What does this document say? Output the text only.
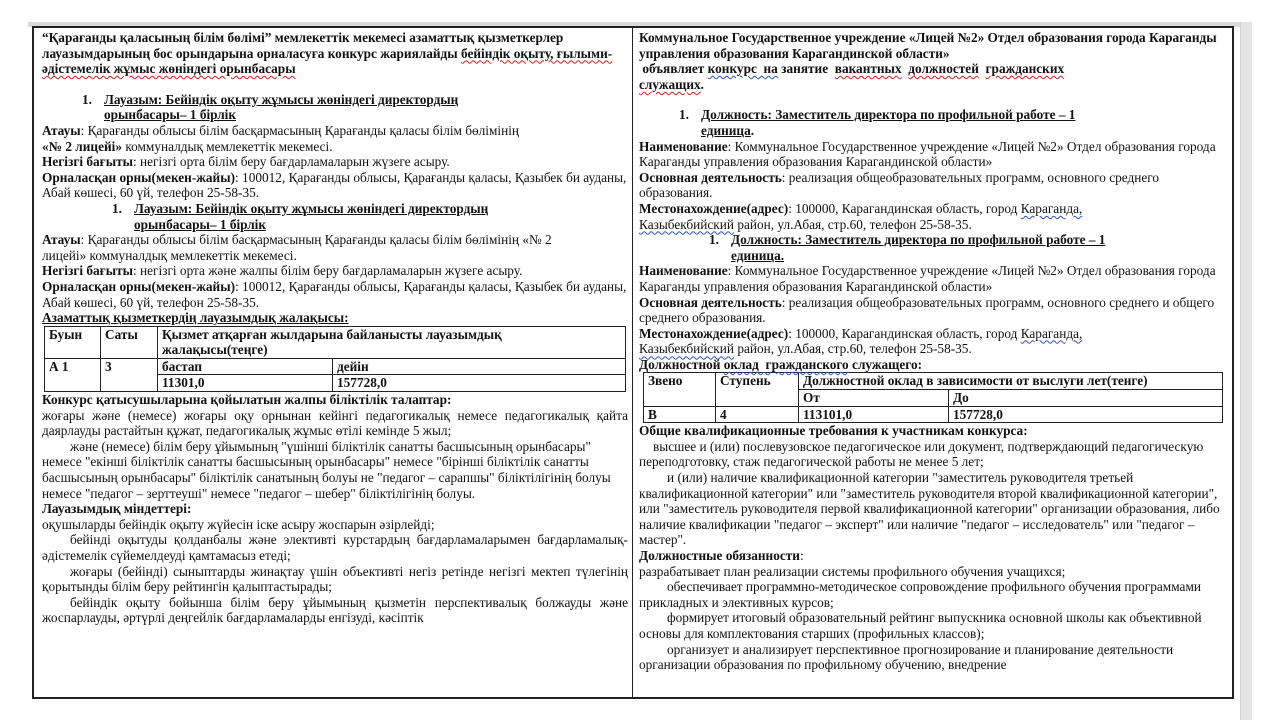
“Қарағанды қаласының білім бөлімі” мемлекеттік мекемесі азаматтық қызметкерлер лауазымдарының бос орындарына орналасуға конкурс жариялайды бейіндік оқыту, ғылыми-әдістемелік жұмыс жөніндегі орынбасары

1. Лауазым: Бейіндік оқыту жұмысы жөніндегі директордың
орынбасары– 1 бірлік

Атауы: Қарағанды облысы білім басқармасының Қарағанды қаласы білім бөлімінің
«№ 2 лицейі» коммуналдық мемлекеттік мекемесі.

Негізгі бағыты: негізгі орта білім беру бағдарламаларын жүзеге асыру.

Орналасқан орны(мекен-жайы): 100012, Қарағанды облысы, Қарағанды қаласы, Қазыбек би ауданы, Абай көшесі, 60 үй, телефон 25-58-35.

1. Лауазым: Бейіндік оқыту жұмысы жөніндегі директордың
орынбасары– 1 бірлік

Атауы: Қарағанды облысы білім басқармасының Қарағанды қаласы білім бөлімінің «№ 2 лицейі» коммуналдық мемлекеттік мекемесі.

Негізгі бағыты: негізгі орта және жалпы білім беру бағдарламаларын жүзеге асыру.

Орналасқан орны(мекен-жайы): 100012, Қарағанды облысы, Қарағанды қаласы, Қазыбек би ауданы, Абай көшесі, 60 үй, телефон 25-58-35.

Азаматтық қызметкердің лауазымдық жалақысы:

Буын	Саты	Қызмет атқарған жылдарына байланысты лауазымдық жалақысы(теңге)	
А 1	3	бастап	дейін
		11301,0	157728,0

Конкурс қатысушыларына қойылатын жалпы біліктілік талаптар:

жоғары және (немесе) жоғары оқу орнынан кейінгі педагогикалық немесе педагогикалық қайта даярлауды растайтын құжат, педагогикалық жұмыс өтілі кемінде 5 жыл;

және (немесе) білім беру ұйымының "үшінші біліктілік санатты басшысының орынбасары" немесе "екінші біліктілік санатты басшысының орынбасары" немесе "бірінші біліктілік санатты басшысының орынбасары" біліктілік санатының болуы не "педагог – сарапшы" біліктілігінің болуы немесе "педагог – зерттеуші" немесе "педагог – шебер" біліктілігінің болуы.

Лауазымдық міндеттері:

оқушыларды бейіндік оқыту жүйесін іске асыру жоспарын әзірлейді;

бейінді оқытуды қолданбалы және элективті курстардың бағдарламаларымен бағдарламалық-әдістемелік сүйемелдеуді қамтамасыз етеді;

жоғары (бейінді) сыныптарды жинақтау үшін объективті негіз ретінде негізгі мектеп түлегінің қорытынды білім беру рейтингін қалыптастырады;

бейіндік оқыту бойынша білім беру ұйымының қызметін перспективалық болжауды және жоспарлауды, әртүрлі деңгейлік бағдарламаларды енгізуді, кәсіптік

Коммунальное Государственное учреждение «Лицей №2» Отдел образования города Караганды управления образования Карагандинской области»
объявляет конкурс  на занятие  вакантных должностей гражданских
служащих.

1. Должность: Заместитель директора по профильной работе – 1
единица.

Наименование: Коммунальное Государственное учреждение «Лицей №2» Отдел образования города Караганды управления образования Карагандинской области»

Основная деятельность: реализация общеобразовательных программ, основного среднего образования.

Местонахождение(адрес): 100000, Карагандинская область, город Караганда,
Казыбекбийский район, ул.Абая, стр.60, телефон 25-58-35.

1. Должность: Заместитель директора по профильной работе – 1
единица.

Наименование: Коммунальное Государственное учреждение «Лицей №2» Отдел образования города Караганды управления образования Карагандинской области»

Основная деятельность: реализация общеобразовательных программ, основного среднего и общего среднего образования.

Местонахождение(адрес): 100000, Карагандинская область, город Караганда,
Казыбекбийский район, ул.Абая, стр.60, телефон 25-58-35.

Должностной оклад  гражданского служащего:

Звено	Ступень	Должностной оклад в зависимости от выслуги лет(тенге)	
		От	До
В	4	113101,0	157728,0

Общие квалификационные требования к участникам конкурса:

высшее и (или) послевузовское педагогическое или документ, подтверждающий педагогическую переподготовку, стаж педагогической работы не менее 5 лет;

и (или) наличие квалификационной категории "заместитель руководителя третьей квалификационной категории" или "заместитель руководителя второй квалификационной категории", или "заместитель руководителя первой квалификационной категории" организации образования, либо наличие квалификации "педагог – эксперт" или наличие "педагог – исследователь" или "педагог – мастер".

Должностные обязанности:

разрабатывает план реализации системы профильного обучения учащихся;

обеспечивает программно-методическое сопровождение профильного обучения программами прикладных и элективных курсов;

формирует итоговый образовательный рейтинг выпускника основной школы как объективной основы для комплектования старших (профильных классов);

организует и анализирует перспективное прогнозирование и планирование деятельности организации образования по профильному обучению, внедрение
